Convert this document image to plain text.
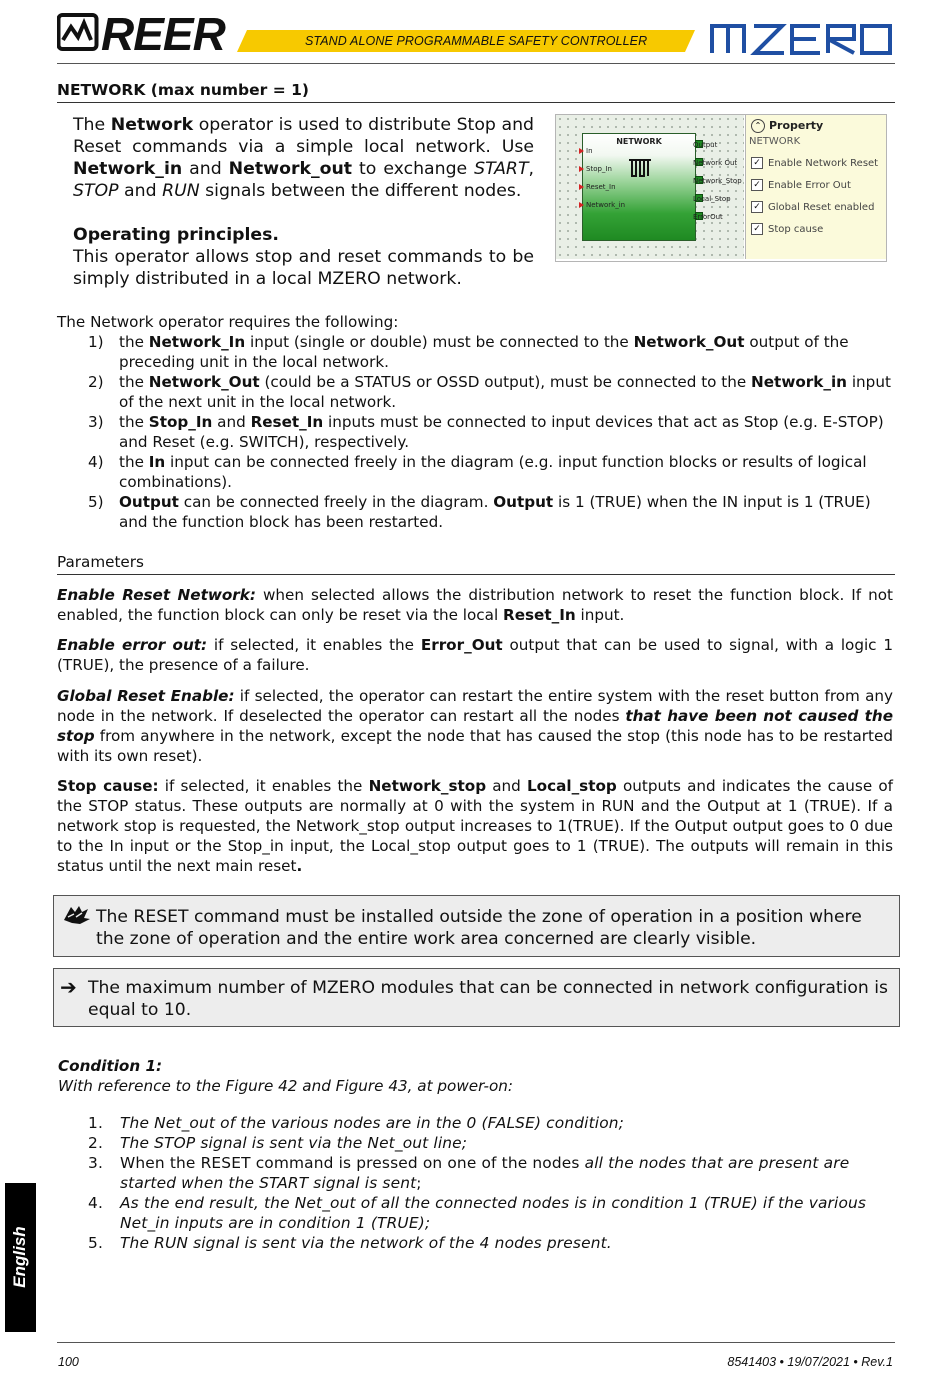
REER	STAND ALONE PROGRAMMABLE SAFETY CONTROLLER
NETWORK (max number = 1)

The Network operator is used to distribute Stop and Reset commands via a simple local network. Use Network_in and Network_out to exchange START, STOP and RUN signals between the different nodes.

Operating principles.

This operator allows stop and reset commands to be simply distributed in a local MZERO network.

NETWORK
In
Stop_In
Reset_In
Network_in
Output
Network Out
Network_Stop
Local_Stop
ErrorOut
⌃ Property
NETWORK
✓ Enable Network Reset
✓ Enable Error Out
✓ Global Reset enabled
✓ Stop cause
The Network operator requires the following:
1) the Network_In input (single or double) must be connected to the Network_Out output of the preceding unit in the local network.
2) the Network_Out (could be a STATUS or OSSD output), must be connected to the Network_in input of the next unit in the local network.
3) the Stop_In and Reset_In inputs must be connected to input devices that act as Stop (e.g. E-STOP) and Reset (e.g. SWITCH), respectively.
4) the In input can be connected freely in the diagram (e.g. input function blocks or results of logical combinations).
5) Output can be connected freely in the diagram. Output is 1 (TRUE) when the IN input is 1 (TRUE) and the function block has been restarted.
Parameters
Enable Reset Network: when selected allows the distribution network to reset the function block. If not enabled, the function block can only be reset via the local Reset_In input.
Enable error out: if selected, it enables the Error_Out output that can be used to signal, with a logic 1 (TRUE), the presence of a failure.
Global Reset Enable: if selected, the operator can restart the entire system with the reset button from any node in the network. If deselected the operator can restart all the nodes that have been not caused the stop from anywhere in the network, except the node that has caused the stop (this node has to be restarted with its own reset).
Stop cause: if selected, it enables the Network_stop and Local_stop outputs and indicates the cause of the STOP status. These outputs are normally at 0 with the system in RUN and the Output at 1 (TRUE). If a network stop is requested, the Network_stop output increases to 1(TRUE). If the Output output goes to 0 due to the In input or the Stop_in input, the Local_stop output goes to 1 (TRUE). The outputs will remain in this status until the next main reset.
The RESET command must be installed outside the zone of operation in a position where the zone of operation and the entire work area concerned are clearly visible.
➔ The maximum number of MZERO modules that can be connected in network configuration is equal to 10.
Condition 1:
With reference to the Figure 42 and Figure 43, at power-on:
1. The Net_out of the various nodes are in the 0 (FALSE) condition;
2. The STOP signal is sent via the Net_out line;
3. When the RESET command is pressed on one of the nodes all the nodes that are present are started when the START signal is sent;
4. As the end result, the Net_out of all the connected nodes is in condition 1 (TRUE) if the various Net_in inputs are in condition 1 (TRUE);
5. The RUN signal is sent via the network of the 4 nodes present.
English
100	8541403 • 19/07/2021 • Rev.1
